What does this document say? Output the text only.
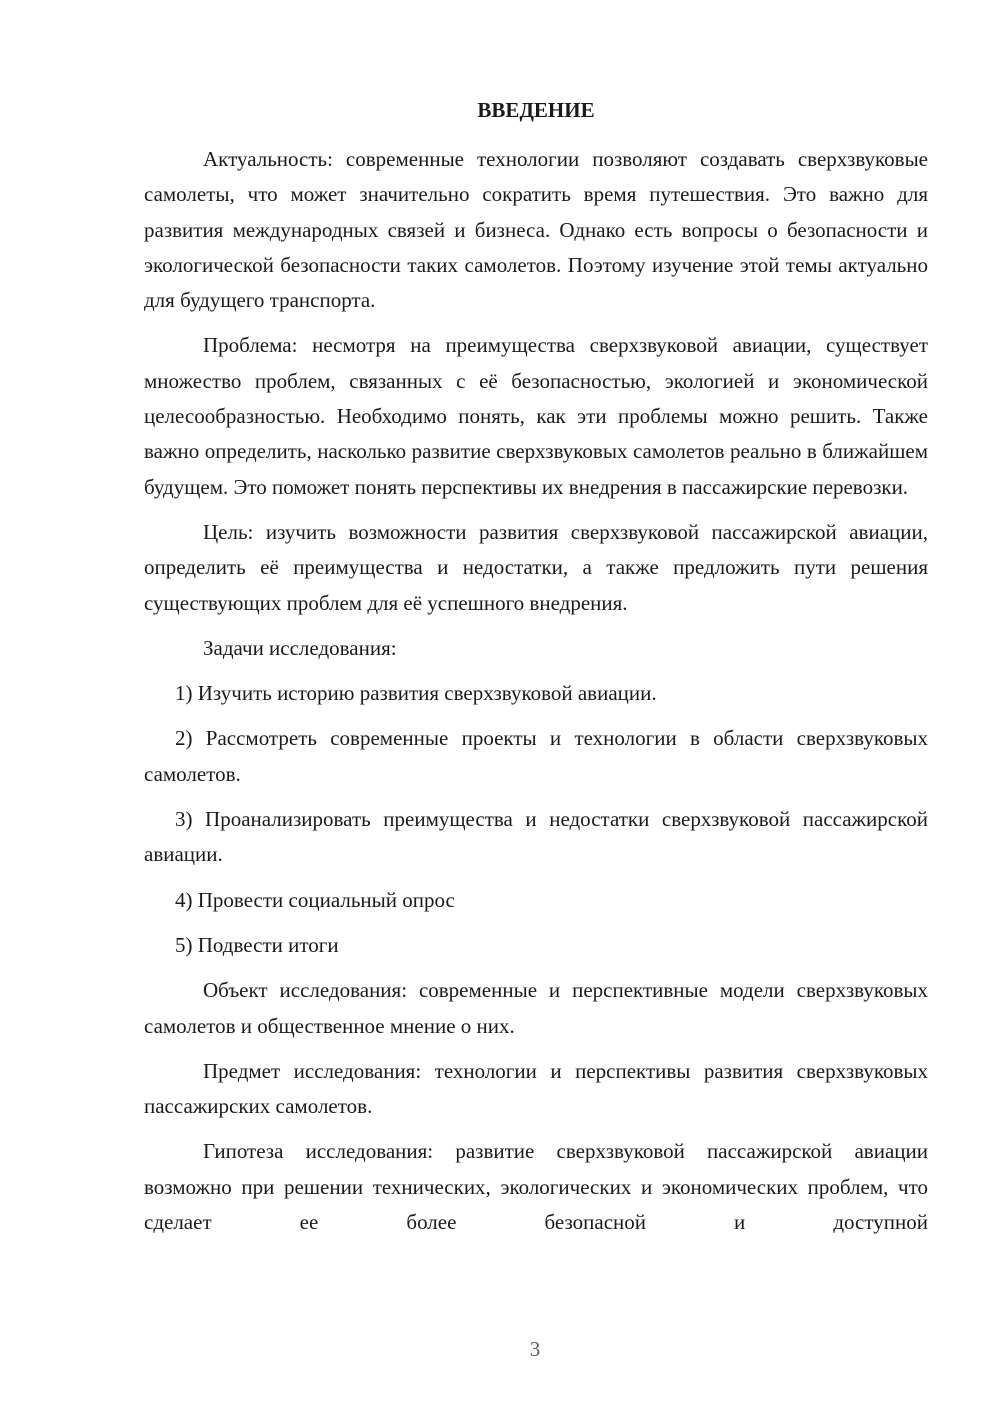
ВВЕДЕНИЕ

Актуальность: современные технологии позволяют создавать сверхзвуковые самолеты, что может значительно сократить время путешествия. Это важно для развития международных связей и бизнеса. Однако есть вопросы о безопасности и экологической безопасности таких самолетов. Поэтому изучение этой темы актуально для будущего транспорта.

Проблема: несмотря на преимущества сверхзвуковой авиации, существует множество проблем, связанных с её безопасностью, экологией и экономической целесообразностью. Необходимо понять, как эти проблемы можно решить. Также важно определить, насколько развитие сверхзвуковых самолетов реально в ближайшем будущем. Это поможет понять перспективы их внедрения в пассажирские перевозки.

Цель: изучить возможности развития сверхзвуковой пассажирской авиации, определить её преимущества и недостатки, а также предложить пути решения существующих проблем для её успешного внедрения.

Задачи исследования:

1) Изучить историю развития сверхзвуковой авиации.

2) Рассмотреть современные проекты и технологии в области сверхзвуковых самолетов.

3) Проанализировать преимущества и недостатки сверхзвуковой пассажирской авиации.

4) Провести социальный опрос

5) Подвести итоги

Объект исследования: современные и перспективные модели сверхзвуковых самолетов и общественное мнение о них.

Предмет исследования: технологии и перспективы развития сверхзвуковых пассажирских самолетов.

Гипотеза исследования: развитие сверхзвуковой пассажирской авиации возможно при решении технических, экологических и экономических проблем, что сделает ее более безопасной и доступной

3
